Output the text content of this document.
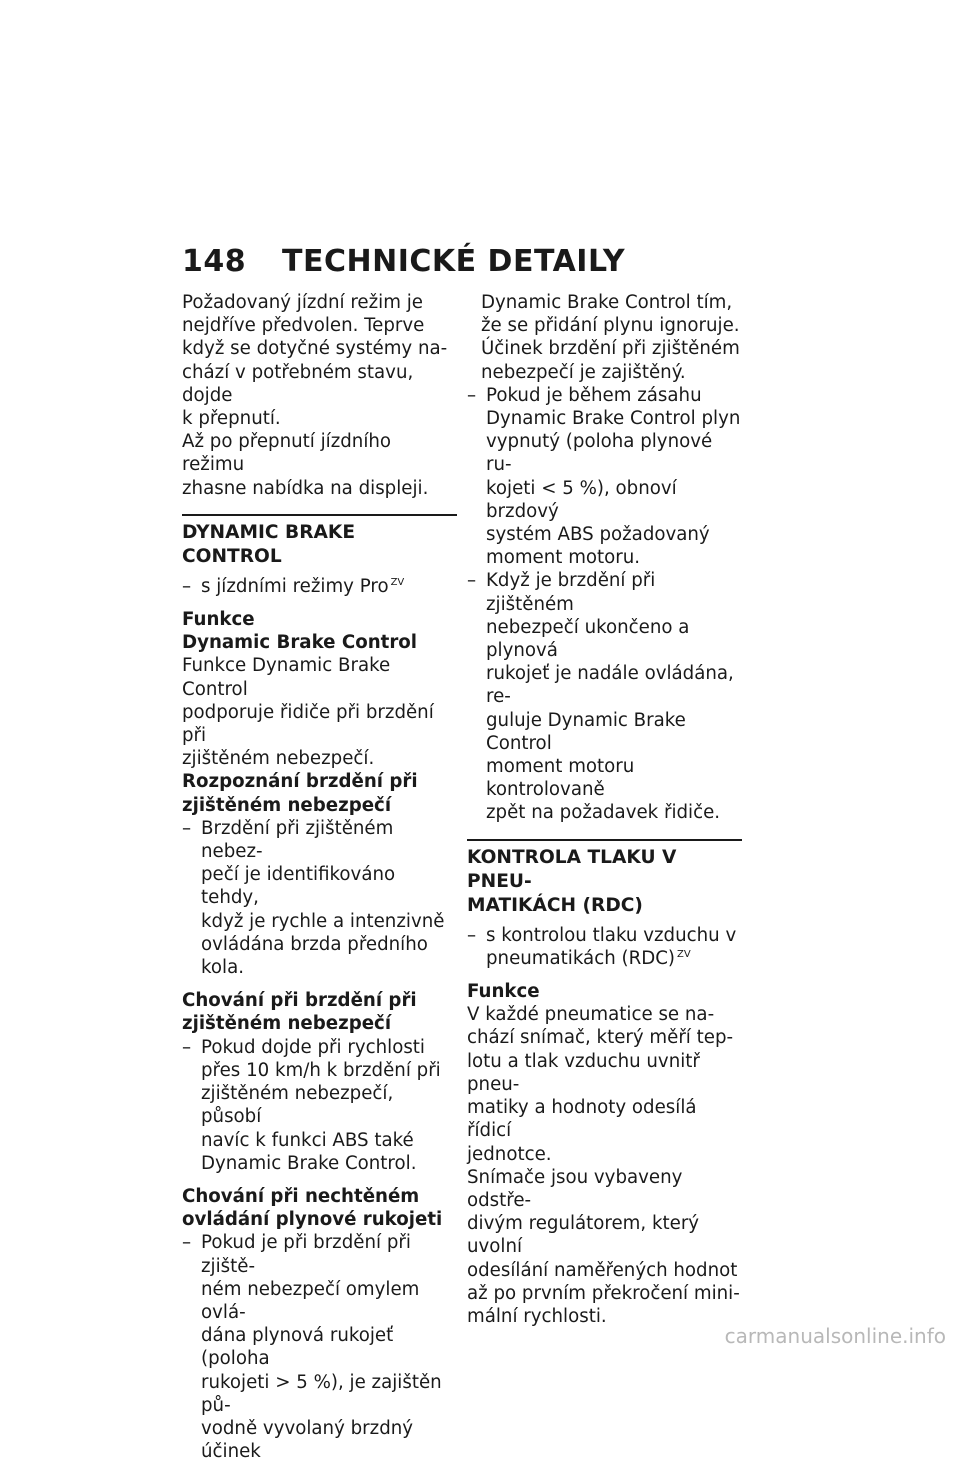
148 TECHNICKÉ DETAILY
Požadovaný jízdní režim je
nejdříve předvolen. Teprve
když se dotyčné systémy na-
chází v potřebném stavu, dojde
k přepnutí.
Až po přepnutí jízdního režimu
zhasne nabídka na displeji.

DYNAMIC BRAKE CONTROL

– s jízdními režimy Pro $^{ZV}$

Funkce
Dynamic Brake Control
Funkce Dynamic Brake Control
podporuje řidiče při brzdění při
zjištěném nebezpečí.
Rozpoznání brzdění při
zjištěném nebezpečí
– Brzdění při zjištěném nebez-
pečí je identifikováno tehdy,
když je rychle a intenzivně
ovládána brzda předního kola.
Chování při brzdění při
zjištěném nebezpečí
– Pokud dojde při rychlosti
přes 10 km/h k brzdění při
zjištěném nebezpečí, působí
navíc k funkci ABS také
Dynamic Brake Control.
Chování při nechtěném
ovládání plynové rukojeti
– Pokud je při brzdění při zjiště-
ném nebezpečí omylem ovlá-
dána plynová rukojeť (poloha
rukojeti > 5 %), je zajištěn pů-
vodně vyvolaný brzdný účinek
Dynamic Brake Control tím,
že se přidání plynu ignoruje.
Účinek brzdění při zjištěném
nebezpečí je zajištěný.
– Pokud je během zásahu
Dynamic Brake Control plyn
vypnutý (poloha plynové ru-
kojeti < 5 %), obnoví brzdový
systém ABS požadovaný
moment motoru.
– Když je brzdění při zjištěném
nebezpečí ukončeno a plynová
rukojeť je nadále ovládána, re-
guluje Dynamic Brake Control
moment motoru kontrolovaně
zpět na požadavek řidiče.
KONTROLA TLAKU V PNEU-
MATIKÁCH (RDC)
– s kontrolou tlaku vzduchu v
pneumatikách (RDC) $^{ZV}$

Funkce

V každé pneumatice se na-
chází snímač, který měří tep-
lotu a tlak vzduchu uvnitř pneu-
matiky a hodnoty odesílá řídicí
jednotce.
Snímače jsou vybaveny odstře-
divým regulátorem, který uvolní
odesílání naměřených hodnot
až po prvním překročení mini-
mální rychlosti.
carmanualsonline.info
